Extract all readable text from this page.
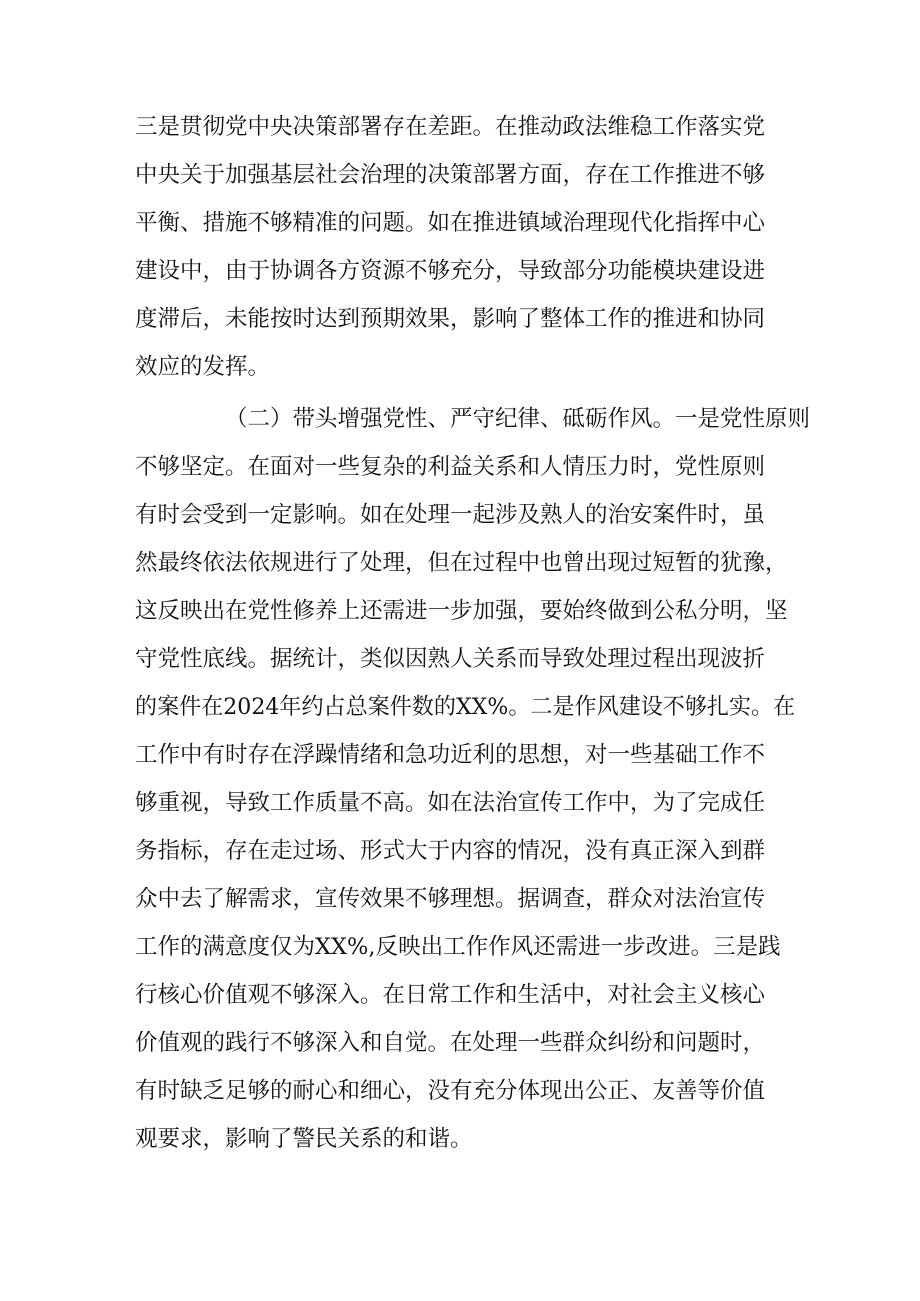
三是贯彻党中央决策部署存在差距。在推动政法维稳工作落实党
中央关于加强基层社会治理的决策部署方面，存在工作推进不够
平衡、措施不够精准的问题。如在推进镇域治理现代化指挥中心
建设中，由于协调各方资源不够充分，导致部分功能模块建设进
度滞后，未能按时达到预期效果，影响了整体工作的推进和协同
效应的发挥。
（二）带头增强党性、严守纪律、砥砺作风。一是党性原则
不够坚定。在面对一些复杂的利益关系和人情压力时，党性原则
有时会受到一定影响。如在处理一起涉及熟人的治安案件时，虽
然最终依法依规进行了处理，但在过程中也曾出现过短暂的犹豫，
这反映出在党性修养上还需进一步加强，要始终做到公私分明，坚
守党性底线。据统计，类似因熟人关系而导致处理过程出现波折
的案件在2024年约占总案件数的XX%。二是作风建设不够扎实。在
工作中有时存在浮躁情绪和急功近利的思想，对一些基础工作不
够重视，导致工作质量不高。如在法治宣传工作中，为了完成任
务指标，存在走过场、形式大于内容的情况，没有真正深入到群
众中去了解需求，宣传效果不够理想。据调查，群众对法治宣传
工作的满意度仅为XX%,反映出工作作风还需进一步改进。三是践
行核心价值观不够深入。在日常工作和生活中，对社会主义核心
价值观的践行不够深入和自觉。在处理一些群众纠纷和问题时，
有时缺乏足够的耐心和细心，没有充分体现出公正、友善等价值
观要求，影响了警民关系的和谐。
